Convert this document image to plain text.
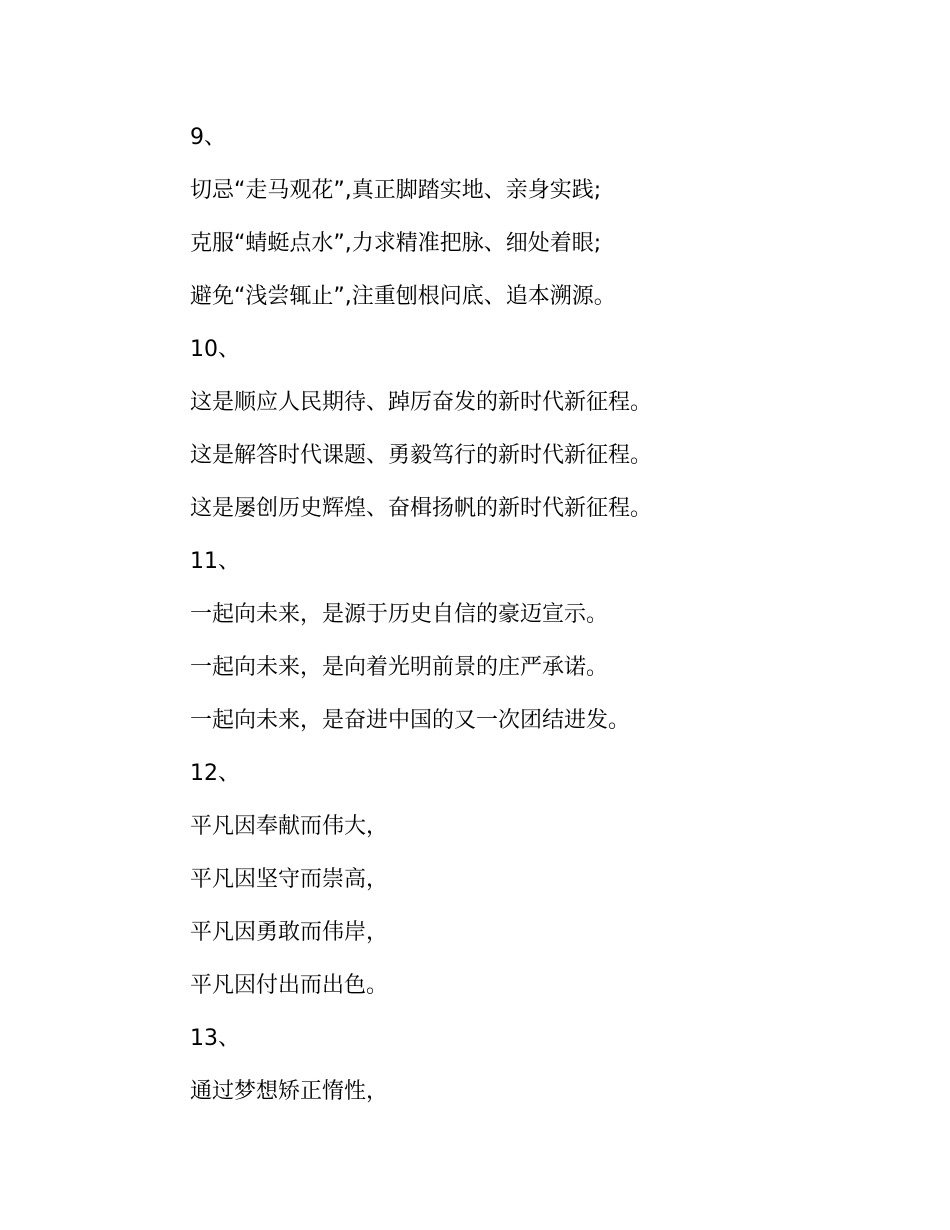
9、

切忌“走马观花”,真正脚踏实地、亲身实践;

克服“蜻蜓点水”,力求精准把脉、细处着眼;

避免“浅尝辄止”,注重刨根问底、追本溯源。

10、

这是顺应人民期待、踔厉奋发的新时代新征程。

这是解答时代课题、勇毅笃行的新时代新征程。

这是屡创历史辉煌、奋楫扬帆的新时代新征程。

11、

一起向未来，是源于历史自信的豪迈宣示。

一起向未来，是向着光明前景的庄严承诺。

一起向未来，是奋进中国的又一次团结进发。

12、

平凡因奉献而伟大，

平凡因坚守而崇高，

平凡因勇敢而伟岸，

平凡因付出而出色。

13、

通过梦想矫正惰性，
